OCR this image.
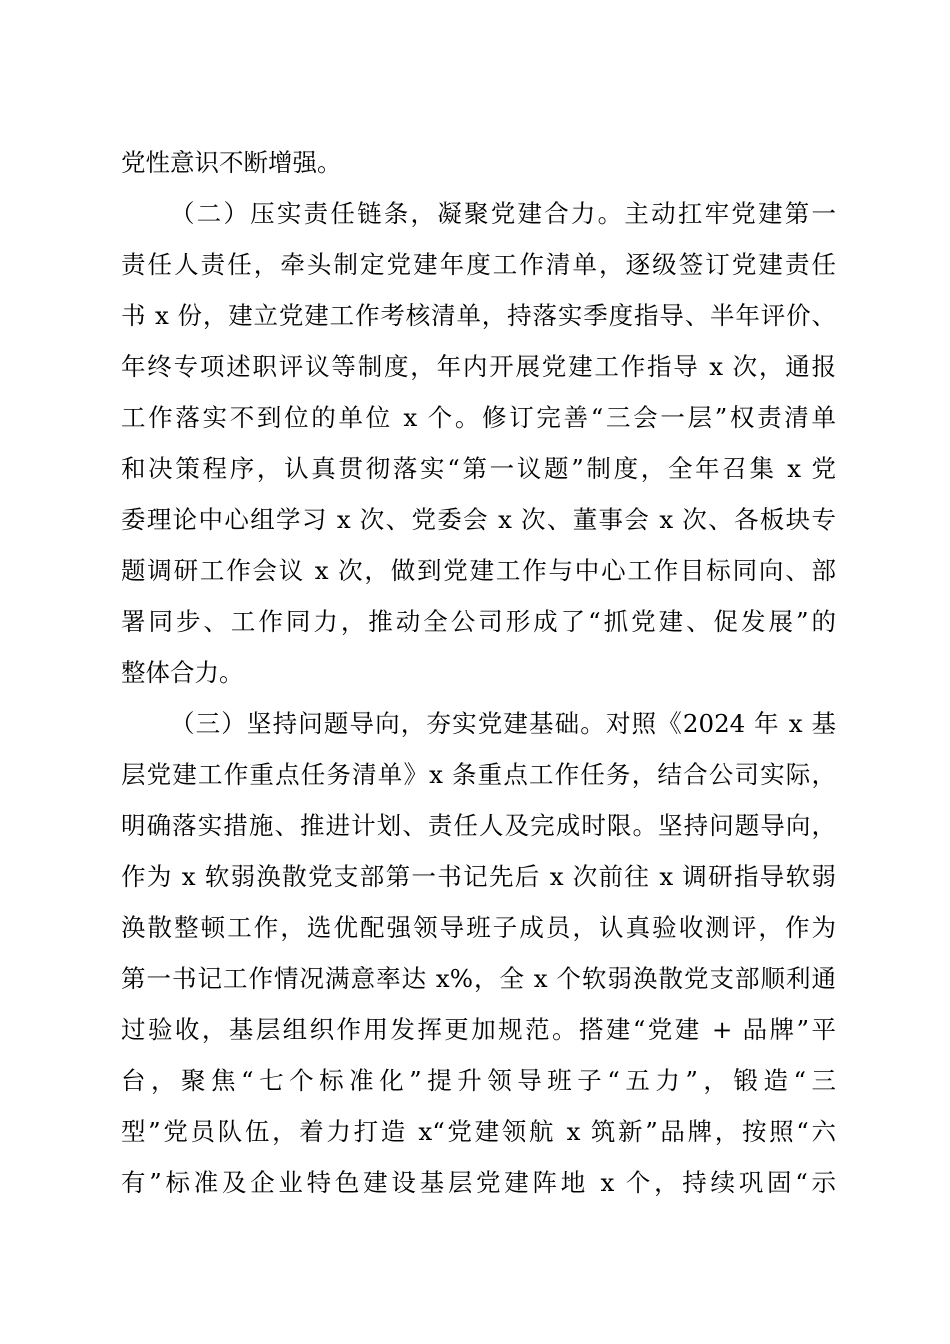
党性意识不断增强。
（二）压实责任链条，凝聚党建合力。主动扛牢党建第一
责任人责任，牵头制定党建年度工作清单，逐级签订党建责任
书 x 份，建立党建工作考核清单，持落实季度指导、半年评价、
年终专项述职评议等制度，年内开展党建工作指导 x 次，通报
工作落实不到位的单位 x 个。修订完善“三会一层”权责清单
和决策程序，认真贯彻落实“第一议题”制度，全年召集 x 党
委理论中心组学习 x 次、党委会 x 次、董事会 x 次、各板块专
题调研工作会议 x 次，做到党建工作与中心工作目标同向、部
署同步、工作同力，推动全公司形成了“抓党建、促发展”的
整体合力。
（三）坚持问题导向，夯实党建基础。对照《2024 年 x 基
层党建工作重点任务清单》x 条重点工作任务，结合公司实际，
明确落实措施、推进计划、责任人及完成时限。坚持问题导向，
作为 x 软弱涣散党支部第一书记先后 x 次前往 x 调研指导软弱
涣散整顿工作，选优配强领导班子成员，认真验收测评，作为
第一书记工作情况满意率达 x%，全 x 个软弱涣散党支部顺利通
过验收，基层组织作用发挥更加规范。搭建“党建 + 品牌”平
台，聚焦“七个标准化”提升领导班子“五力”，锻造“三
型”党员队伍，着力打造 x“党建领航 x 筑新”品牌，按照“六
有”标准及企业特色建设基层党建阵地 x 个，持续巩固“示
